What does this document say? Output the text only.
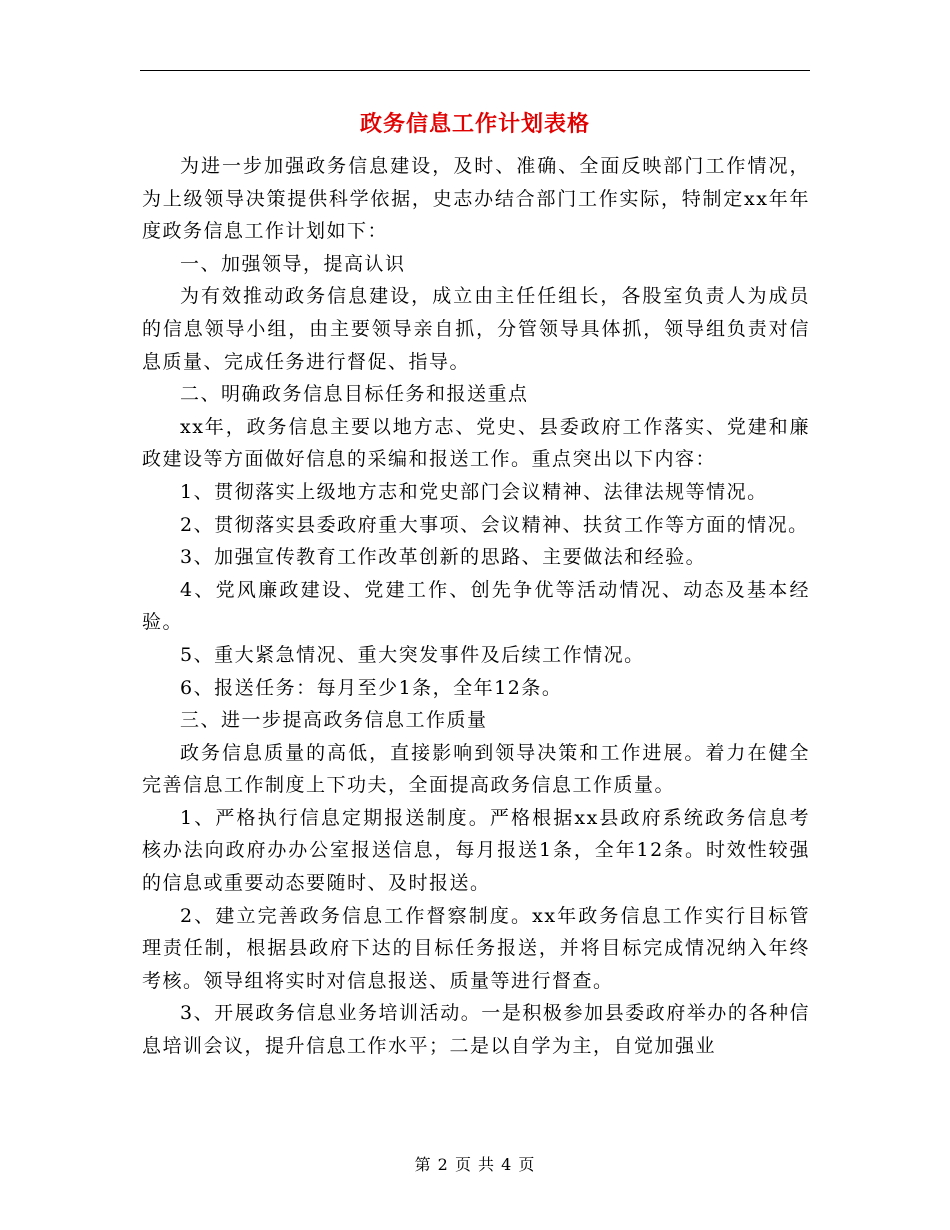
政务信息工作计划表格

为进一步加强政务信息建设，及时、准确、全面反映部门工作情况，为上级领导决策提供科学依据，史志办结合部门工作实际，特制定xx年年度政务信息工作计划如下：

一、加强领导，提高认识

为有效推动政务信息建设，成立由主任任组长，各股室负责人为成员的信息领导小组，由主要领导亲自抓，分管领导具体抓，领导组负责对信息质量、完成任务进行督促、指导。

二、明确政务信息目标任务和报送重点

xx年，政务信息主要以地方志、党史、县委政府工作落实、党建和廉政建设等方面做好信息的采编和报送工作。重点突出以下内容：

1、贯彻落实上级地方志和党史部门会议精神、法律法规等情况。

2、贯彻落实县委政府重大事项、会议精神、扶贫工作等方面的情况。

3、加强宣传教育工作改革创新的思路、主要做法和经验。

4、党风廉政建设、党建工作、创先争优等活动情况、动态及基本经验。

5、重大紧急情况、重大突发事件及后续工作情况。

6、报送任务：每月至少1条，全年12条。

三、进一步提高政务信息工作质量

政务信息质量的高低，直接影响到领导决策和工作进展。着力在健全完善信息工作制度上下功夫，全面提高政务信息工作质量。

1、严格执行信息定期报送制度。严格根据xx县政府系统政务信息考核办法向政府办办公室报送信息，每月报送1条，全年12条。时效性较强的信息或重要动态要随时、及时报送。

2、建立完善政务信息工作督察制度。xx年政务信息工作实行目标管理责任制，根据县政府下达的目标任务报送，并将目标完成情况纳入年终考核。领导组将实时对信息报送、质量等进行督查。

3、开展政务信息业务培训活动。一是积极参加县委政府举办的各种信息培训会议，提升信息工作水平；二是以自学为主，自觉加强业

第 2 页 共 4 页
